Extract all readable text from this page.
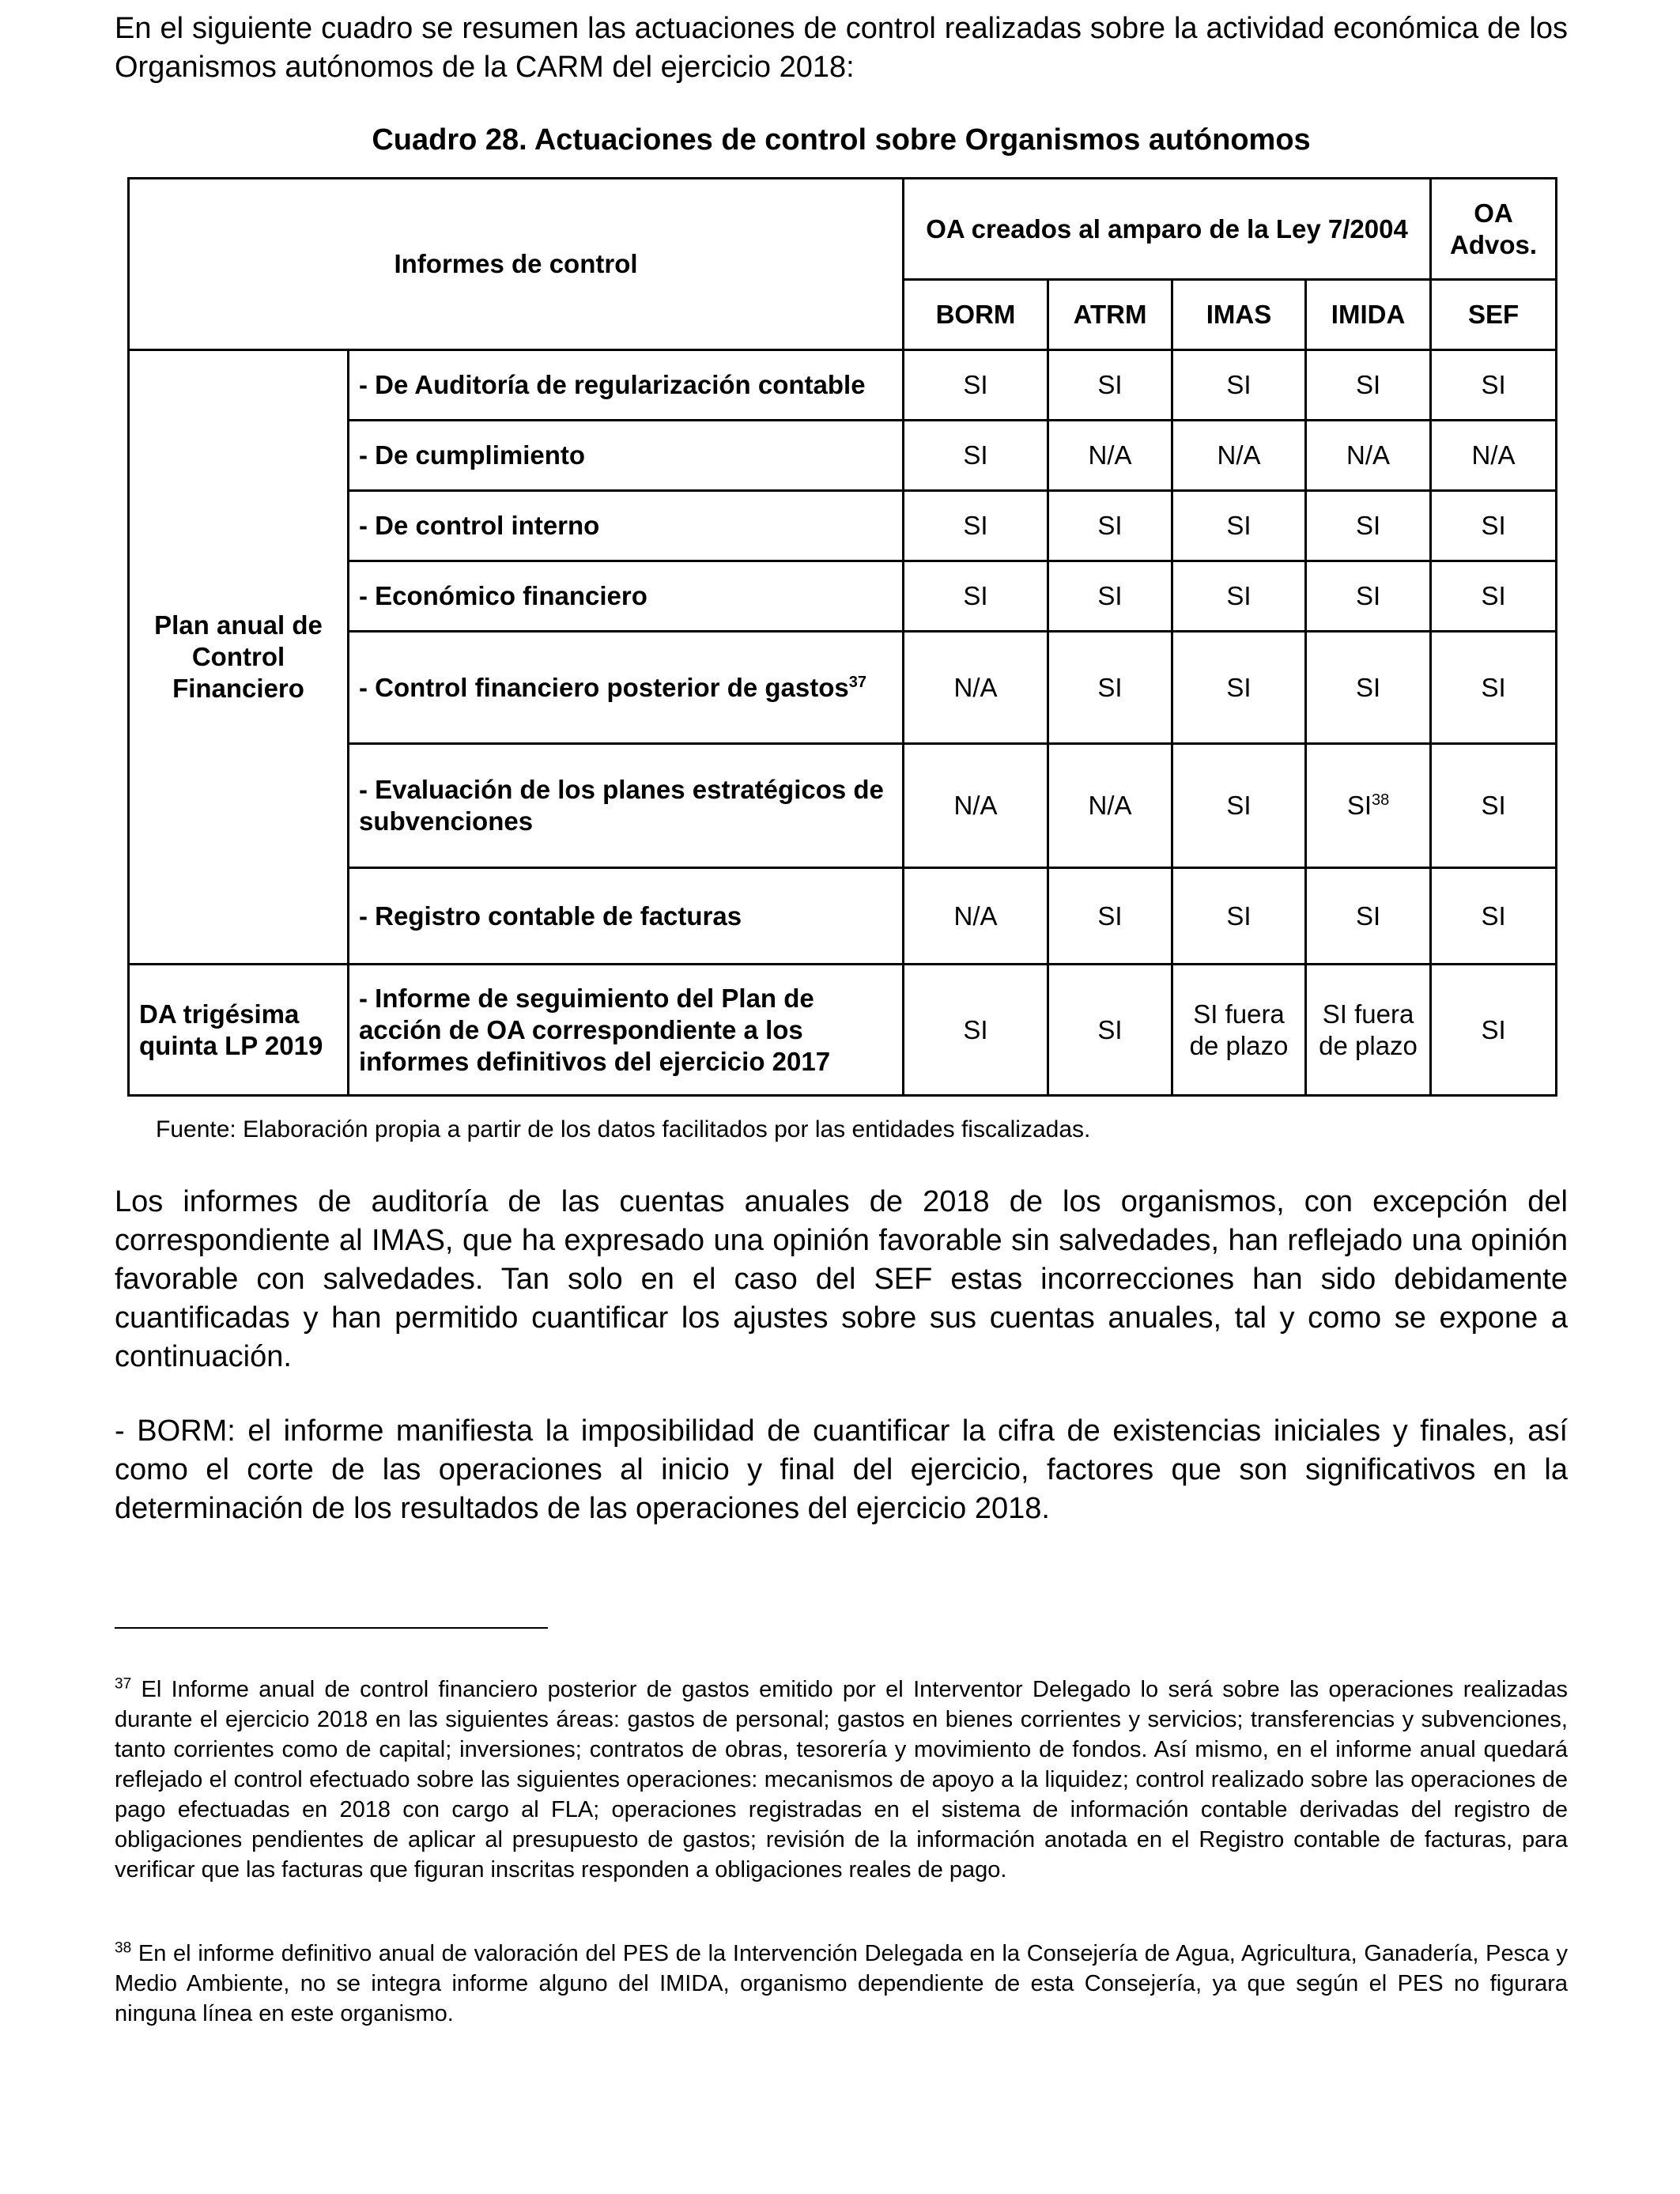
En el siguiente cuadro se resumen las actuaciones de control realizadas sobre la actividad económica de los Organismos autónomos de la CARM del ejercicio 2018:

Cuadro 28. Actuaciones de control sobre Organismos autónomos

Informes de control		OA creados al amparo de la Ley 7/2004				OA Advos.
		BORM	ATRM	IMAS	IMIDA	SEF
Plan anual de Control Financiero	- De Auditoría de regularización contable	SI	SI	SI	SI	SI
	- De cumplimiento	SI	N/A	N/A	N/A	N/A
	- De control interno	SI	SI	SI	SI	SI
	- Económico financiero	SI	SI	SI	SI	SI
	- Control financiero posterior de gastos$^{37}$	N/A	SI	SI	SI	SI
	- Evaluación de los planes estratégicos de subvenciones	N/A	N/A	SI	SI$^{38}$	SI
	- Registro contable de facturas	N/A	SI	SI	SI	SI
DA trigésima quinta LP 2019	- Informe de seguimiento del Plan de acción de OA correspondiente a los informes definitivos del ejercicio 2017	SI	SI	SI fuera de plazo	SI fuera de plazo	SI

Fuente: Elaboración propia a partir de los datos facilitados por las entidades fiscalizadas.

Los informes de auditoría de las cuentas anuales de 2018 de los organismos, con excepción del correspondiente al IMAS, que ha expresado una opinión favorable sin salvedades, han reflejado una opinión favorable con salvedades. Tan solo en el caso del SEF estas incorrecciones han sido debidamente cuantificadas y han permitido cuantificar los ajustes sobre sus cuentas anuales, tal y como se expone a continuación.

- BORM: el informe manifiesta la imposibilidad de cuantificar la cifra de existencias iniciales y finales, así como el corte de las operaciones al inicio y final del ejercicio, factores que son significativos en la determinación de los resultados de las operaciones del ejercicio 2018.

$^{37}$ El Informe anual de control financiero posterior de gastos emitido por el Interventor Delegado lo será sobre las operaciones realizadas durante el ejercicio 2018 en las siguientes áreas: gastos de personal; gastos en bienes corrientes y servicios; transferencias y subvenciones, tanto corrientes como de capital; inversiones; contratos de obras, tesorería y movimiento de fondos. Así mismo, en el informe anual quedará reflejado el control efectuado sobre las siguientes operaciones: mecanismos de apoyo a la liquidez; control realizado sobre las operaciones de pago efectuadas en 2018 con cargo al FLA; operaciones registradas en el sistema de información contable derivadas del registro de obligaciones pendientes de aplicar al presupuesto de gastos; revisión de la información anotada en el Registro contable de facturas, para verificar que las facturas que figuran inscritas responden a obligaciones reales de pago.

$^{38}$ En el informe definitivo anual de valoración del PES de la Intervención Delegada en la Consejería de Agua, Agricultura, Ganadería, Pesca y Medio Ambiente, no se integra informe alguno del IMIDA, organismo dependiente de esta Consejería, ya que según el PES no figurara ninguna línea en este organismo.
